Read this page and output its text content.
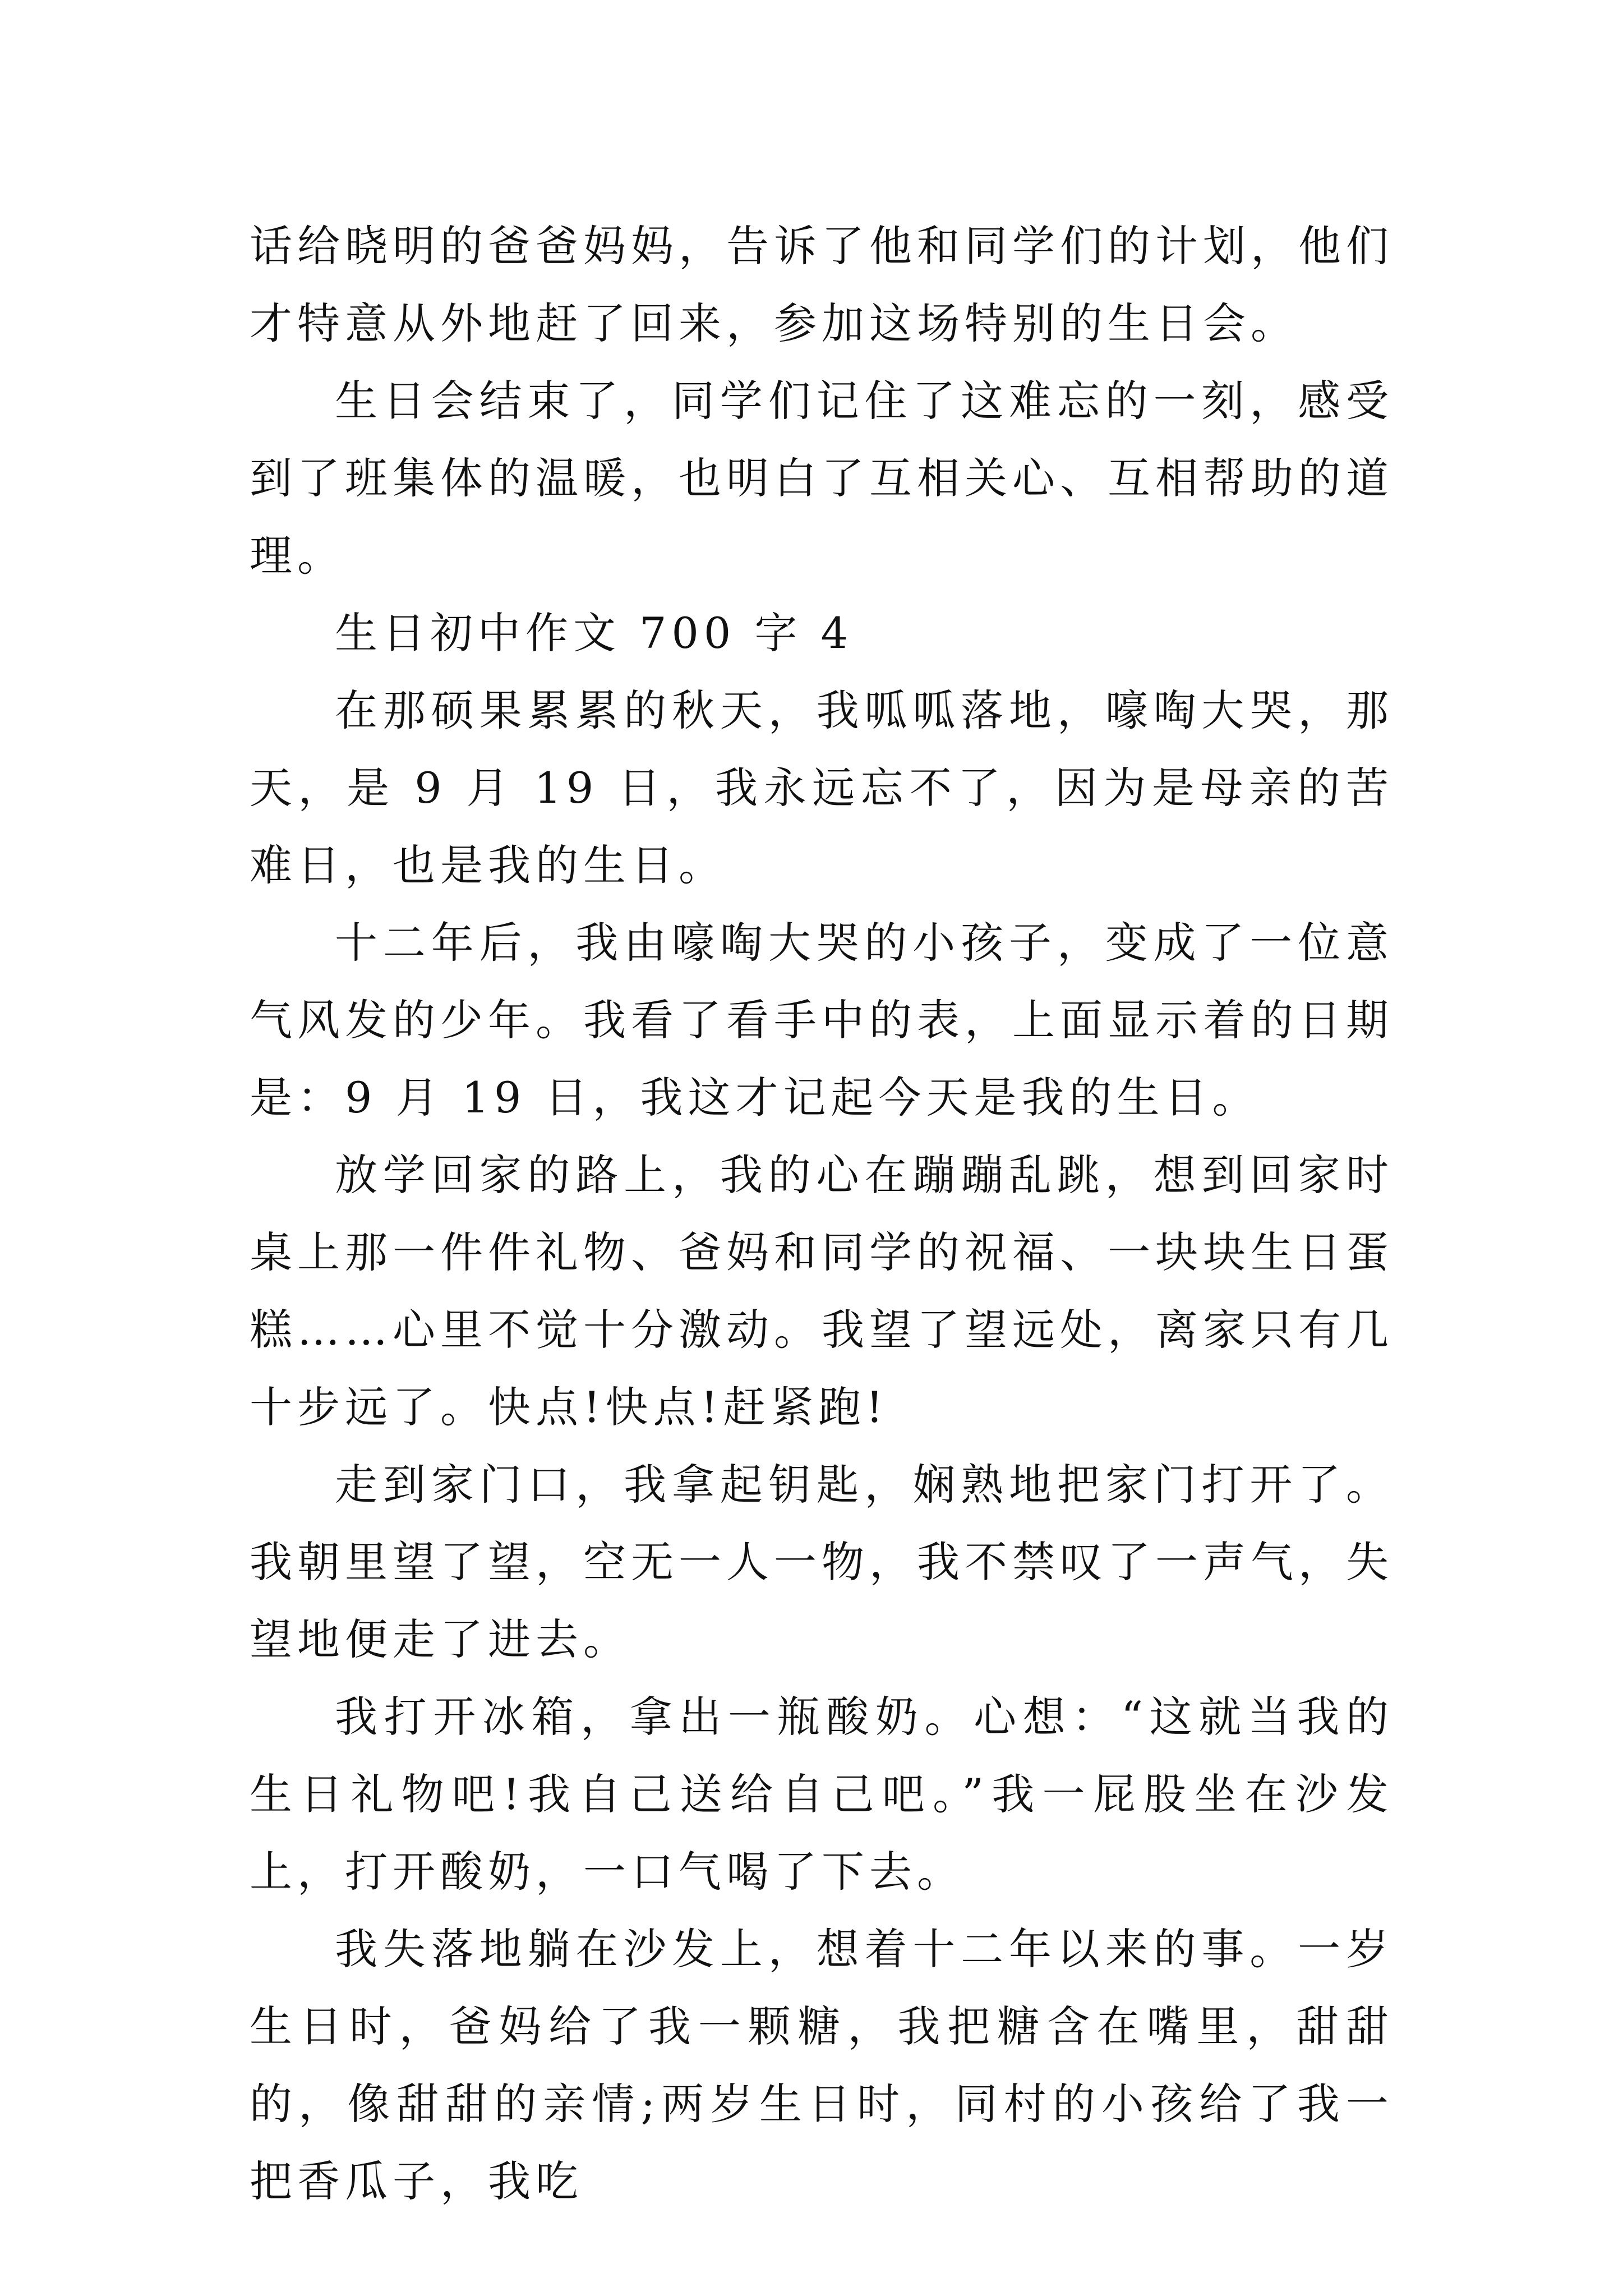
话给晓明的爸爸妈妈，告诉了他和同学们的计划，他们才特意从外地赶了回来，参加这场特别的生日会。

生日会结束了，同学们记住了这难忘的一刻，感受到了班集体的温暖，也明白了互相关心、互相帮助的道理。

生日初中作文 700 字 4

在那硕果累累的秋天，我呱呱落地，嚎啕大哭，那天，是 9 月 19 日，我永远忘不了，因为是母亲的苦难日，也是我的生日。

十二年后，我由嚎啕大哭的小孩子，变成了一位意气风发的少年。我看了看手中的表，上面显示着的日期是：9 月 19 日，我这才记起今天是我的生日。

放学回家的路上，我的心在蹦蹦乱跳，想到回家时桌上那一件件礼物、爸妈和同学的祝福、一块块生日蛋糕……心里不觉十分激动。我望了望远处，离家只有几十步远了。快点!快点!赶紧跑!

走到家门口，我拿起钥匙，娴熟地把家门打开了。我朝里望了望，空无一人一物，我不禁叹了一声气，失望地便走了进去。

我打开冰箱，拿出一瓶酸奶。心想：“这就当我的生日礼物吧!我自己送给自己吧。”我一屁股坐在沙发上，打开酸奶，一口气喝了下去。

我失落地躺在沙发上，想着十二年以来的事。一岁生日时，爸妈给了我一颗糖，我把糖含在嘴里，甜甜的，像甜甜的亲情;两岁生日时，同村的小孩给了我一把香瓜子，我吃
